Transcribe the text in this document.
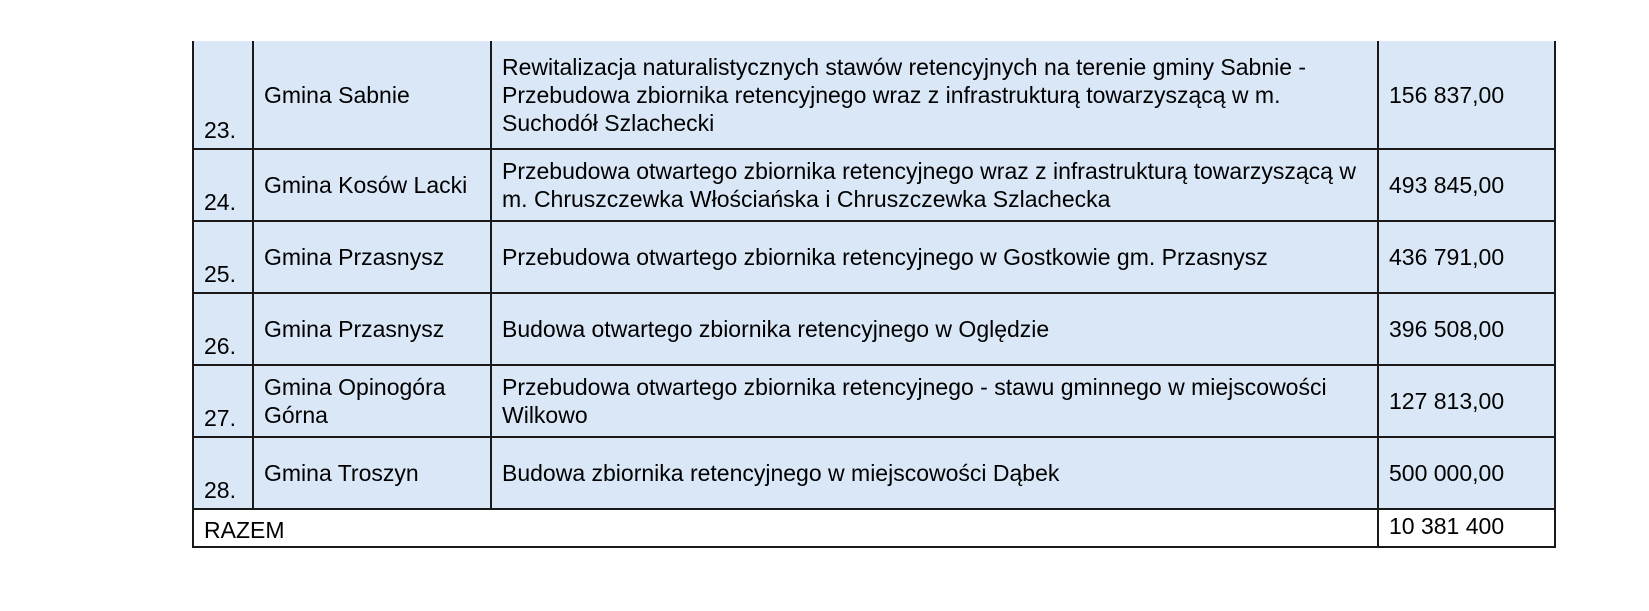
23.	Gmina Sabnie	Rewitalizacja naturalistycznych stawów retencyjnych na terenie gminy Sabnie - Przebudowa zbiornika retencyjnego wraz z infrastrukturą towarzyszącą w m. Suchodół Szlachecki	156 837,00
24.	Gmina Kosów Lacki	Przebudowa otwartego zbiornika retencyjnego wraz z infrastrukturą towarzyszącą w m. Chruszczewka Włościańska i Chruszczewka Szlachecka	493 845,00
25.	Gmina Przasnysz	Przebudowa otwartego zbiornika retencyjnego w Gostkowie gm. Przasnysz	436 791,00
26.	Gmina Przasnysz	Budowa otwartego zbiornika retencyjnego w Oględzie	396 508,00
27.	Gmina Opinogóra Górna	Przebudowa otwartego zbiornika retencyjnego - stawu gminnego w miejscowości Wilkowo	127 813,00
28.	Gmina Troszyn	Budowa zbiornika retencyjnego w miejscowości Dąbek	500 000,00
RAZEM			10 381 400
